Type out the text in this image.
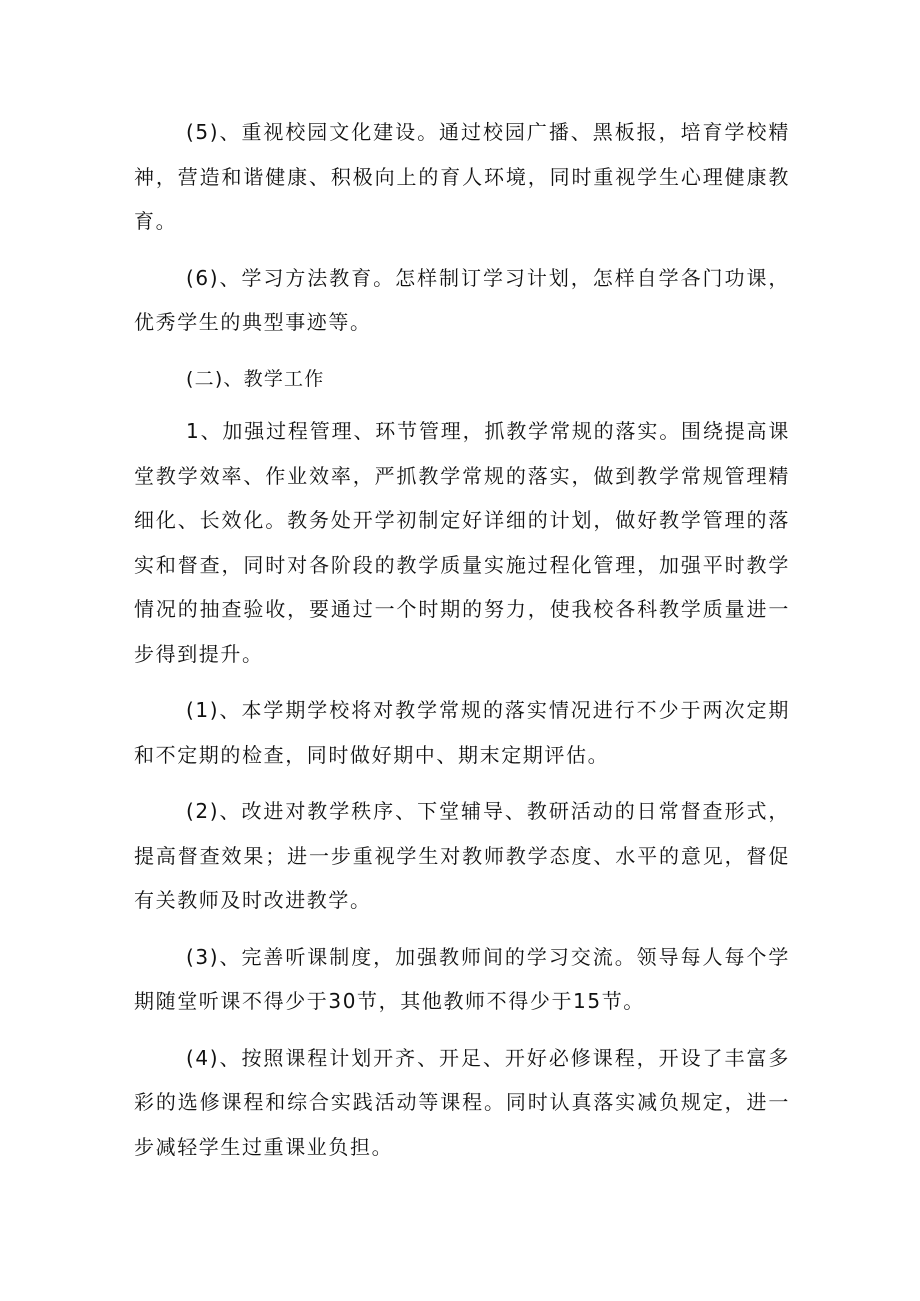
(5)、重视校园文化建设。通过校园广播、黑板报，培育学校精神，营造和谐健康、积极向上的育人环境，同时重视学生心理健康教育。

(6)、学习方法教育。怎样制订学习计划，怎样自学各门功课，优秀学生的典型事迹等。

(二)、教学工作

1、加强过程管理、环节管理，抓教学常规的落实。围绕提高课堂教学效率、作业效率，严抓教学常规的落实，做到教学常规管理精细化、长效化。教务处开学初制定好详细的计划，做好教学管理的落实和督查，同时对各阶段的教学质量实施过程化管理，加强平时教学情况的抽查验收，要通过一个时期的努力，使我校各科教学质量进一步得到提升。

(1)、本学期学校将对教学常规的落实情况进行不少于两次定期和不定期的检查，同时做好期中、期末定期评估。

(2)、改进对教学秩序、下堂辅导、教研活动的日常督查形式，提高督查效果；进一步重视学生对教师教学态度、水平的意见，督促有关教师及时改进教学。

(3)、完善听课制度，加强教师间的学习交流。领导每人每个学期随堂听课不得少于30节，其他教师不得少于15节。

(4)、按照课程计划开齐、开足、开好必修课程，开设了丰富多彩的选修课程和综合实践活动等课程。同时认真落实减负规定，进一步减轻学生过重课业负担。
